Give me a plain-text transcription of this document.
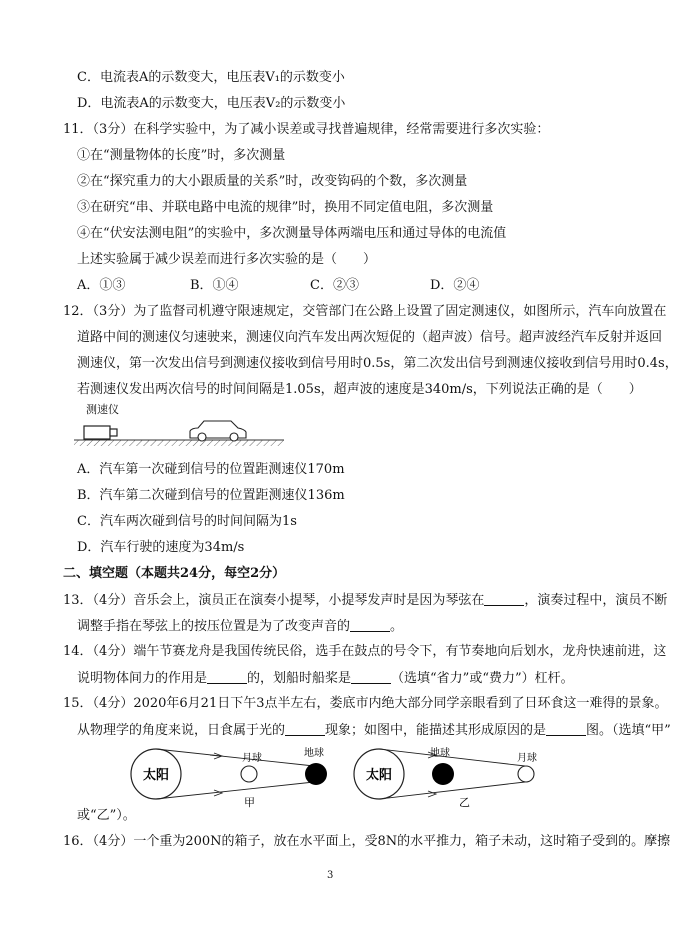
C．电流表A的示数变大，电压表V₁的示数变小
D．电流表A的示数变大，电压表V₂的示数变小
11．（3分）在科学实验中，为了减小误差或寻找普遍规律，经常需要进行多次实验：
①在“测量物体的长度”时，多次测量
②在“探究重力的大小跟质量的关系”时，改变钩码的个数，多次测量
③在研究“串、并联电路中电流的规律”时，换用不同定值电阻，多次测量
④在“伏安法测电阻”的实验中，多次测量导体两端电压和通过导体的电流值
上述实验属于减少误差而进行多次实验的是（　　）
A．①③	B．①④	C．②③	D．②④
12．（3分）为了监督司机遵守限速规定，交管部门在公路上设置了固定测速仪，如图所示，汽车向放置在
道路中间的测速仪匀速驶来，测速仪向汽车发出两次短促的（超声波）信号。超声波经汽车反射并返回
测速仪，第一次发出信号到测速仪接收到信号用时0.5s，第二次发出信号到测速仪接收到信号用时0.4s，
若测速仪发出两次信号的时间间隔是1.05s，超声波的速度是340m/s，下列说法正确的是（　　）
测速仪
A．汽车第一次碰到信号的位置距测速仪170m
B．汽车第二次碰到信号的位置距测速仪136m
C．汽车两次碰到信号的时间间隔为1s
D．汽车行驶的速度为34m/s
二、填空题（本题共24分，每空2分）
13．（4分）音乐会上，演员正在演奏小提琴，小提琴发声时是因为琴弦在	，演奏过程中，演员不断
调整手指在琴弦上的按压位置是为了改变声音的	。
14．（4分）端午节赛龙舟是我国传统民俗，选手在鼓点的号令下，有节奏地向后划水，龙舟快速前进，这
说明物体间力的作用是	的，划船时船桨是	（选填“省力”或“费力”）杠杆。
15．（4分）2020年6月21日下午3点半左右，娄底市内绝大部分同学亲眼看到了日环食这一难得的景象。
从物理学的角度来说，日食属于光的	现象；如图中，能描述其形成原因的是	图。（选填“甲”
太阳
月球	地球
甲
太阳
地球	月球
乙
或“乙”）。
16．（4分）一个重为200N的箱子，放在水平面上，受8N的水平推力，箱子未动，这时箱子受到的。摩擦
3
